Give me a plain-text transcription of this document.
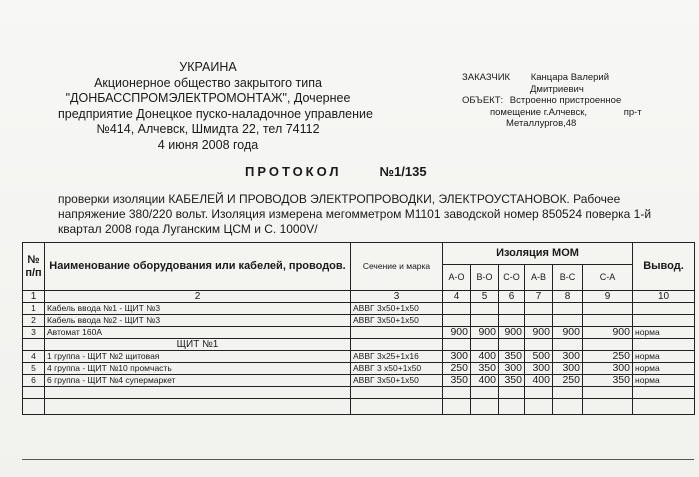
УКРАИНА
Акционерное общество закрытого типа
"ДОНБАССПРОМЭЛЕКТРОМОНТАЖ", Дочернее
предприятие Донецкое пуско-наладочное управление
№414, Алчевск, Шмидта 22, тел 74112
4 июня 2008 года
ЗАКАЗЧИК Канцара Валерий
Дмитриевич
ОБЪЕКТ: Встроенно пристроенное
помещение г.Алчевск,	пр-т
Металлургов,48
ПРОТОКОЛ	№1/135
проверки изоляции КАБЕЛЕЙ И ПРОВОДОВ ЭЛЕКТРОПРОВОДКИ, ЭЛЕКТРОУСТАНОВОК. Рабочее
напряжение 380/220 вольт. Изоляция измерена мегомметром М1101 заводской номер 850524 поверка 1-й
квартал 2008 года Луганским ЦСМ и С. 1000V/
№ п/п	Наименование оборудования или кабелей, проводов.	Сечение и марка	Изоляция МОМ						Вывод.
			А-О	В-О	С-О	А-В	В-С	С-А	
1	2	3	4	5	6	7	8	9	10
1	Кабель ввода №1 - ЩИТ №3	АВВГ 3х50+1х50							
2	Кабель ввода №2 - ЩИТ №3	АВВГ 3х50+1х50							
3	Автомат 160А		900	900	900	900	900	900	норма
	ЩИТ №1								
4	1 группа - ЩИТ №2 щитовая	АВВГ 3х25+1х16	300	400	350	500	300	250	норма
5	4 группа - ЩИТ №10 промчасть	АВВГ 3 х50+1х50	250	350	300	300	300	300	норма
6	6 группа - ЩИТ №4 супермаркет	АВВГ 3х50+1х50	350	400	350	400	250	350	норма
